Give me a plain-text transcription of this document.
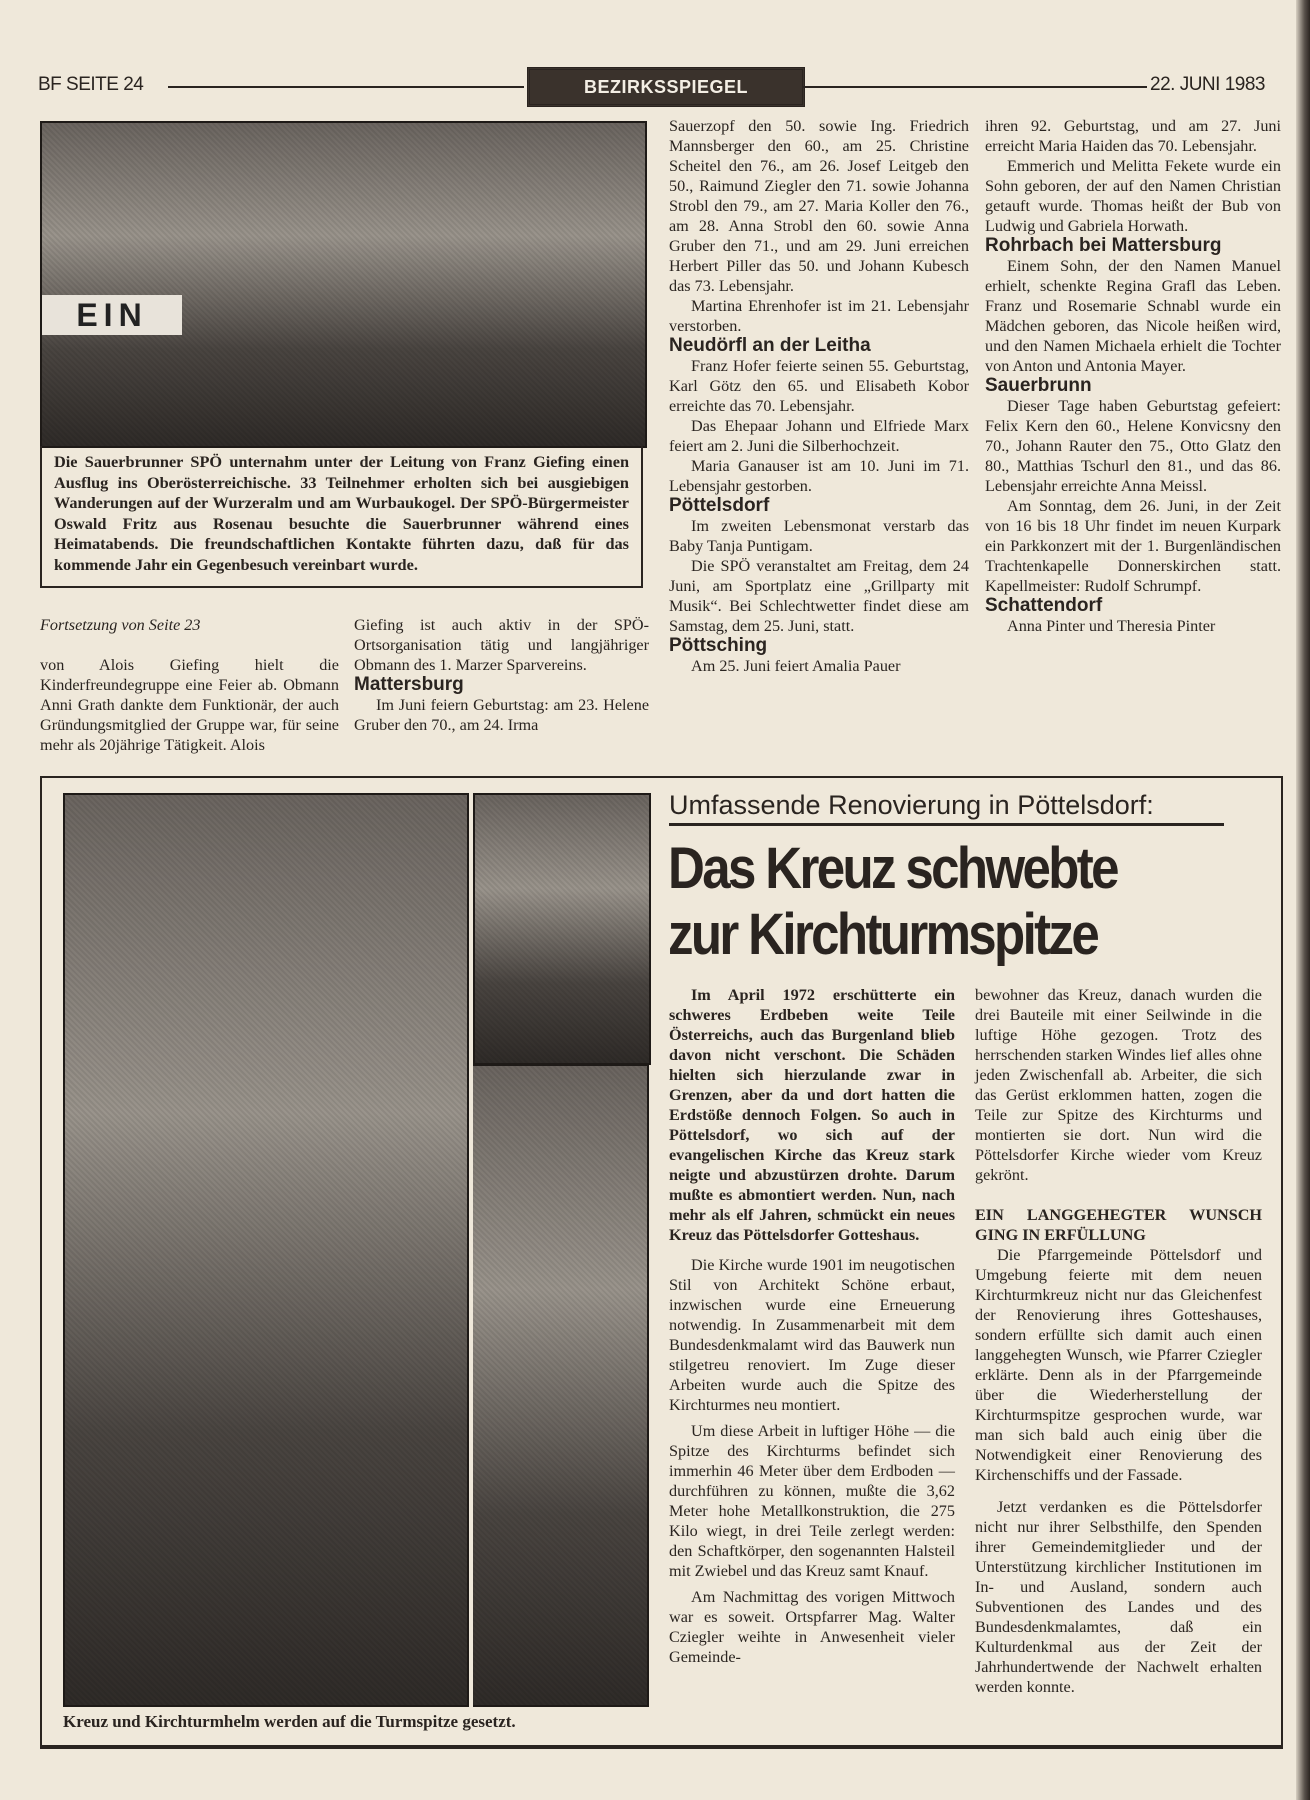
BF SEITE 24	BEZIRKSSPIEGEL	22. JUNI 1983
EIN
Die Sauerbrunner SPÖ unternahm unter der Leitung von Franz Giefing einen Ausflug ins Oberösterreichische. 33 Teilnehmer erholten sich bei ausgiebigen Wanderungen auf der Wurzeralm und am Wurbaukogel. Der SPÖ-Bürgermeister Oswald Fritz aus Rosenau besuchte die Sauerbrunner während eines Heimatabends. Die freundschaftlichen Kontakte führten dazu, daß für das kommende Jahr ein Gegenbesuch vereinbart wurde.

Fortsetzung von Seite 23

von Alois Giefing hielt die Kinderfreundegruppe eine Feier ab. Obmann Anni Grath dankte dem Funktionär, der auch Gründungsmitglied der Gruppe war, für seine mehr als 20jährige Tätigkeit. Alois

Giefing ist auch aktiv in der SPÖ-Ortsorganisation tätig und langjähriger Obmann des 1. Marzer Sparvereins.

Mattersburg

Im Juni feiern Geburtstag: am 23. Helene Gruber den 70., am 24. Irma

Sauerzopf den 50. sowie Ing. Friedrich Mannsberger den 60., am 25. Christine Scheitel den 76., am 26. Josef Leitgeb den 50., Raimund Ziegler den 71. sowie Johanna Strobl den 79., am 27. Maria Koller den 76., am 28. Anna Strobl den 60. sowie Anna Gruber den 71., und am 29. Juni erreichen Herbert Piller das 50. und Johann Kubesch das 73. Lebensjahr.

Martina Ehrenhofer ist im 21. Lebensjahr verstorben.

Neudörfl an der Leitha

Franz Hofer feierte seinen 55. Geburtstag, Karl Götz den 65. und Elisabeth Kobor erreichte das 70. Lebensjahr.

Das Ehepaar Johann und Elfriede Marx feiert am 2. Juni die Silberhochzeit.

Maria Ganauser ist am 10. Juni im 71. Lebensjahr gestorben.

Pöttelsdorf

Im zweiten Lebensmonat verstarb das Baby Tanja Puntigam.

Die SPÖ veranstaltet am Freitag, dem 24 Juni, am Sportplatz eine „Grillparty mit Musik“. Bei Schlechtwetter findet diese am Samstag, dem 25. Juni, statt.

Pöttsching

Am 25. Juni feiert Amalia Pauer

ihren 92. Geburtstag, und am 27. Juni erreicht Maria Haiden das 70. Lebensjahr.

Emmerich und Melitta Fekete wurde ein Sohn geboren, der auf den Namen Christian getauft wurde. Thomas heißt der Bub von Ludwig und Gabriela Horwath.

Rohrbach bei Mattersburg

Einem Sohn, der den Namen Manuel erhielt, schenkte Regina Grafl das Leben. Franz und Rosemarie Schnabl wurde ein Mädchen geboren, das Nicole heißen wird, und den Namen Michaela erhielt die Tochter von Anton und Antonia Mayer.

Sauerbrunn

Dieser Tage haben Geburtstag gefeiert: Felix Kern den 60., Helene Konvicsny den 70., Johann Rauter den 75., Otto Glatz den 80., Matthias Tschurl den 81., und das 86. Lebensjahr erreichte Anna Meissl.

Am Sonntag, dem 26. Juni, in der Zeit von 16 bis 18 Uhr findet im neuen Kurpark ein Parkkonzert mit der 1. Burgenländischen Trachtenkapelle Donnerskirchen statt. Kapellmeister: Rudolf Schrumpf.

Schattendorf

Anna Pinter und Theresia Pinter

Kreuz und Kirchturmhelm werden auf die Turmspitze gesetzt.
Umfassende Renovierung in Pöttelsdorf:
Das Kreuz schwebte
zur Kirchturmspitze

Im April 1972 erschütterte ein schweres Erdbeben weite Teile Österreichs, auch das Burgenland blieb davon nicht verschont. Die Schäden hielten sich hierzulande zwar in Grenzen, aber da und dort hatten die Erdstöße dennoch Folgen. So auch in Pöttelsdorf, wo sich auf der evangelischen Kirche das Kreuz stark neigte und abzustürzen drohte. Darum mußte es abmontiert werden. Nun, nach mehr als elf Jahren, schmückt ein neues Kreuz das Pöttelsdorfer Gotteshaus.

Die Kirche wurde 1901 im neugotischen Stil von Architekt Schöne erbaut, inzwischen wurde eine Erneuerung notwendig. In Zusammenarbeit mit dem Bundesdenkmalamt wird das Bauwerk nun stilgetreu renoviert. Im Zuge dieser Arbeiten wurde auch die Spitze des Kirchturmes neu montiert.

Um diese Arbeit in luftiger Höhe — die Spitze des Kirchturms befindet sich immerhin 46 Meter über dem Erdboden — durchführen zu können, mußte die 3,62 Meter hohe Metallkonstruktion, die 275 Kilo wiegt, in drei Teile zerlegt werden: den Schaftkörper, den sogenannten Halsteil mit Zwiebel und das Kreuz samt Knauf.

Am Nachmittag des vorigen Mittwoch war es soweit. Ortspfarrer Mag. Walter Cziegler weihte in Anwesenheit vieler Gemeinde-

bewohner das Kreuz, danach wurden die drei Bauteile mit einer Seilwinde in die luftige Höhe gezogen. Trotz des herrschenden starken Windes lief alles ohne jeden Zwischenfall ab. Arbeiter, die sich das Gerüst erklommen hatten, zogen die Teile zur Spitze des Kirchturms und montierten sie dort. Nun wird die Pöttelsdorfer Kirche wieder vom Kreuz gekrönt.

EIN LANGGEHEGTER WUNSCH GING IN ERFÜLLUNG

Die Pfarrgemeinde Pöttelsdorf und Umgebung feierte mit dem neuen Kirchturmkreuz nicht nur das Gleichenfest der Renovierung ihres Gotteshauses, sondern erfüllte sich damit auch einen langgehegten Wunsch, wie Pfarrer Cziegler erklärte. Denn als in der Pfarrgemeinde über die Wiederherstellung der Kirchturmspitze gesprochen wurde, war man sich bald auch einig über die Notwendigkeit einer Renovierung des Kirchenschiffs und der Fassade.

Jetzt verdanken es die Pöttelsdorfer nicht nur ihrer Selbsthilfe, den Spenden ihrer Gemeindemitglieder und der Unterstützung kirchlicher Institutionen im In- und Ausland, sondern auch Subventionen des Landes und des Bundesdenkmalamtes, daß ein Kulturdenkmal aus der Zeit der Jahrhundertwende der Nachwelt erhalten werden konnte.
